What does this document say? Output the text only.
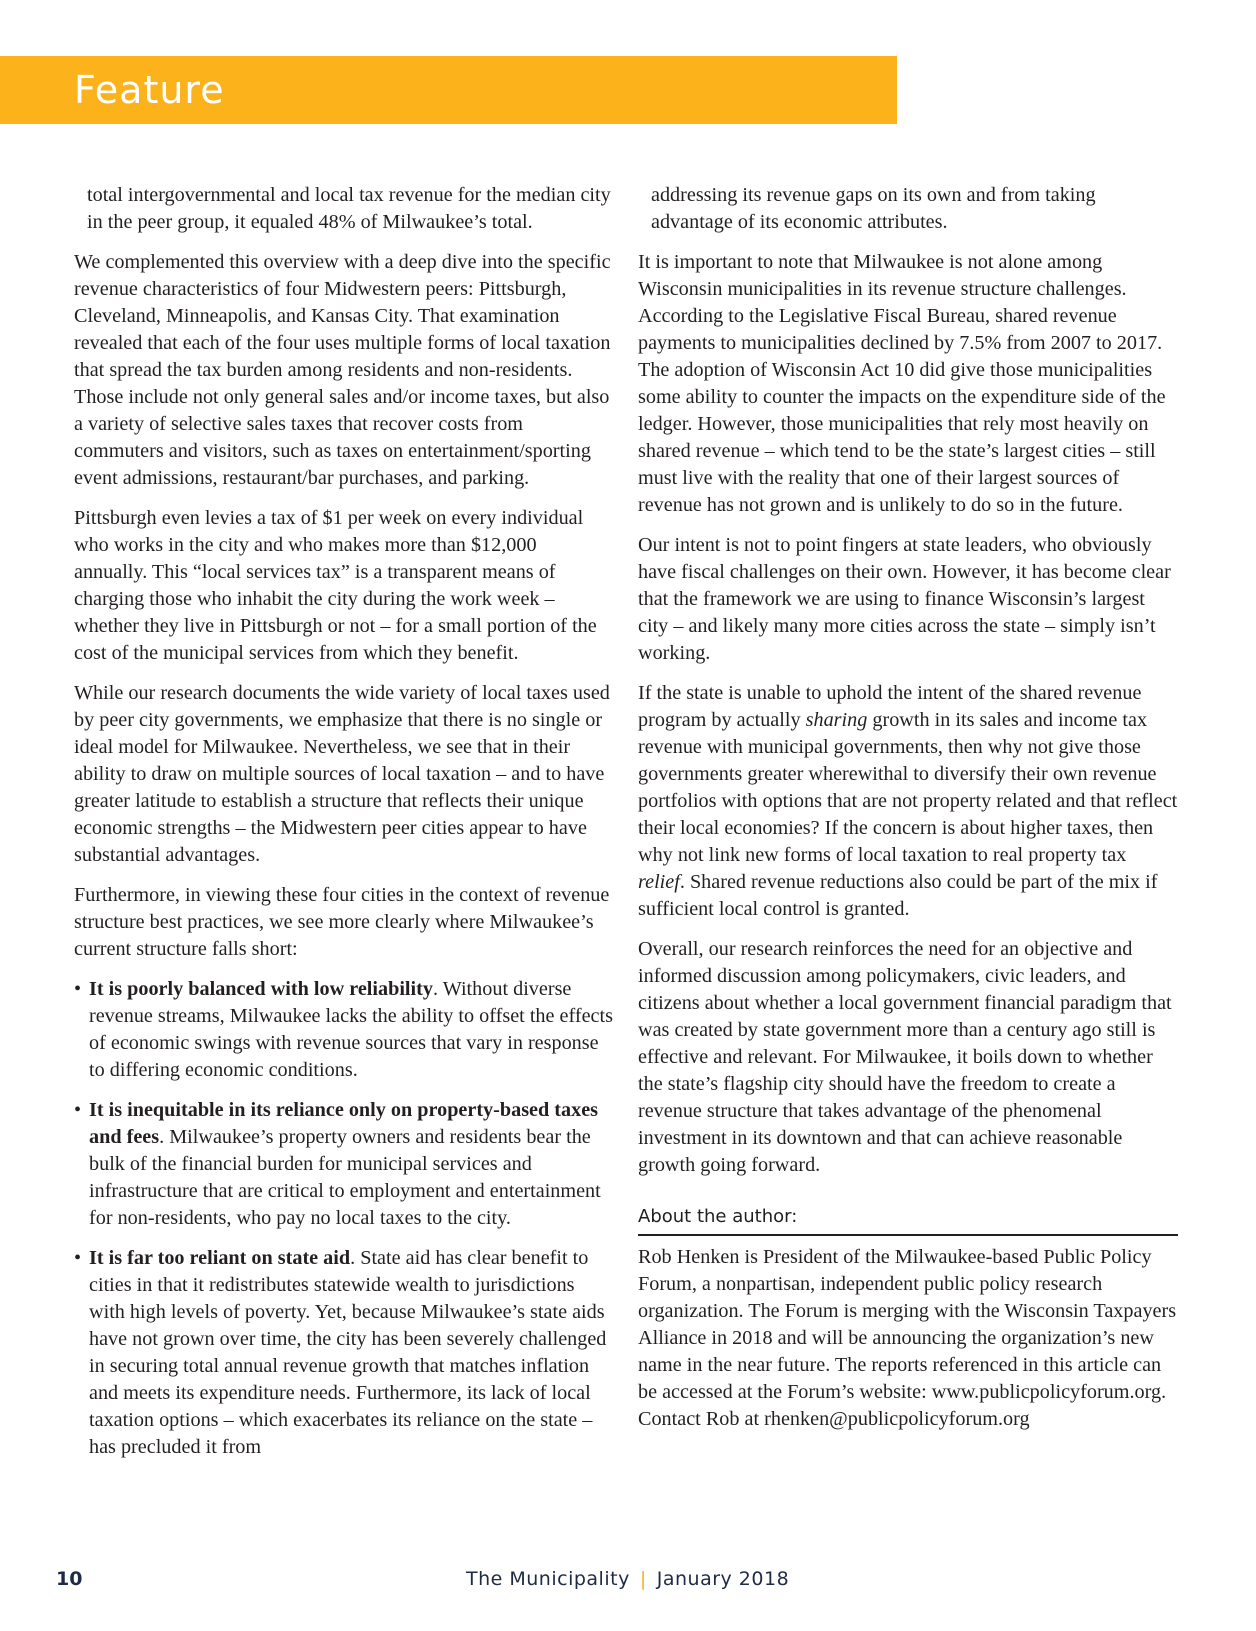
Feature

total intergovernmental and local tax revenue for the median city in the peer group, it equaled 48% of Milwaukee’s total.

We complemented this overview with a deep dive into the specific revenue characteristics of four Midwestern peers: Pittsburgh, Cleveland, Minneapolis, and Kansas City. That examination revealed that each of the four uses multiple forms of local taxation that spread the tax burden among residents and non-residents. Those include not only general sales and/or income taxes, but also a variety of selective sales taxes that recover costs from commuters and visitors, such as taxes on entertainment/sporting event admissions, restaurant/bar purchases, and parking.

Pittsburgh even levies a tax of $1 per week on every individual who works in the city and who makes more than $12,000 annually. This “local services tax” is a transparent means of charging those who inhabit the city during the work week – whether they live in Pittsburgh or not – for a small portion of the cost of the municipal services from which they benefit.

While our research documents the wide variety of local taxes used by peer city governments, we emphasize that there is no single or ideal model for Milwaukee. Nevertheless, we see that in their ability to draw on multiple sources of local taxation – and to have greater latitude to establish a structure that reflects their unique economic strengths – the Midwestern peer cities appear to have substantial advantages.

Furthermore, in viewing these four cities in the context of revenue structure best practices, we see more clearly where Milwaukee’s current structure falls short:

• It is poorly balanced with low reliability. Without diverse revenue streams, Milwaukee lacks the ability to offset the effects of economic swings with revenue sources that vary in response to differing economic conditions.
• It is inequitable in its reliance only on property-based taxes and fees. Milwaukee’s property owners and residents bear the bulk of the financial burden for municipal services and infrastructure that are critical to employment and entertainment for non-residents, who pay no local taxes to the city.
• It is far too reliant on state aid. State aid has clear benefit to cities in that it redistributes statewide wealth to jurisdictions with high levels of poverty. Yet, because Milwaukee’s state aids have not grown over time, the city has been severely challenged in securing total annual revenue growth that matches inflation and meets its expenditure needs. Furthermore, its lack of local taxation options – which exacerbates its reliance on the state – has precluded it from

addressing its revenue gaps on its own and from taking advantage of its economic attributes.

It is important to note that Milwaukee is not alone among Wisconsin municipalities in its revenue structure challenges. According to the Legislative Fiscal Bureau, shared revenue payments to municipalities declined by 7.5% from 2007 to 2017. The adoption of Wisconsin Act 10 did give those municipalities some ability to counter the impacts on the expenditure side of the ledger. However, those municipalities that rely most heavily on shared revenue – which tend to be the state’s largest cities – still must live with the reality that one of their largest sources of revenue has not grown and is unlikely to do so in the future.

Our intent is not to point fingers at state leaders, who obviously have fiscal challenges on their own. However, it has become clear that the framework we are using to finance Wisconsin’s largest city – and likely many more cities across the state – simply isn’t working.

If the state is unable to uphold the intent of the shared revenue program by actually sharing growth in its sales and income tax revenue with municipal governments, then why not give those governments greater wherewithal to diversify their own revenue portfolios with options that are not property related and that reflect their local economies? If the concern is about higher taxes, then why not link new forms of local taxation to real property tax relief. Shared revenue reductions also could be part of the mix if sufficient local control is granted.

Overall, our research reinforces the need for an objective and informed discussion among policymakers, civic leaders, and citizens about whether a local government financial paradigm that was created by state government more than a century ago still is effective and relevant. For Milwaukee, it boils down to whether the state’s flagship city should have the freedom to create a revenue structure that takes advantage of the phenomenal investment in its downtown and that can achieve reasonable growth going forward.

About the author:

Rob Henken is President of the Milwaukee-based Public Policy Forum, a nonpartisan, independent public policy research organization. The Forum is merging with the Wisconsin Taxpayers Alliance in 2018 and will be announcing the organization’s new name in the near future. The reports referenced in this article can be accessed at the Forum’s website: www.publicpolicyforum.org. Contact Rob at rhenken@publicpolicyforum.org

10	The Municipality | January 2018
